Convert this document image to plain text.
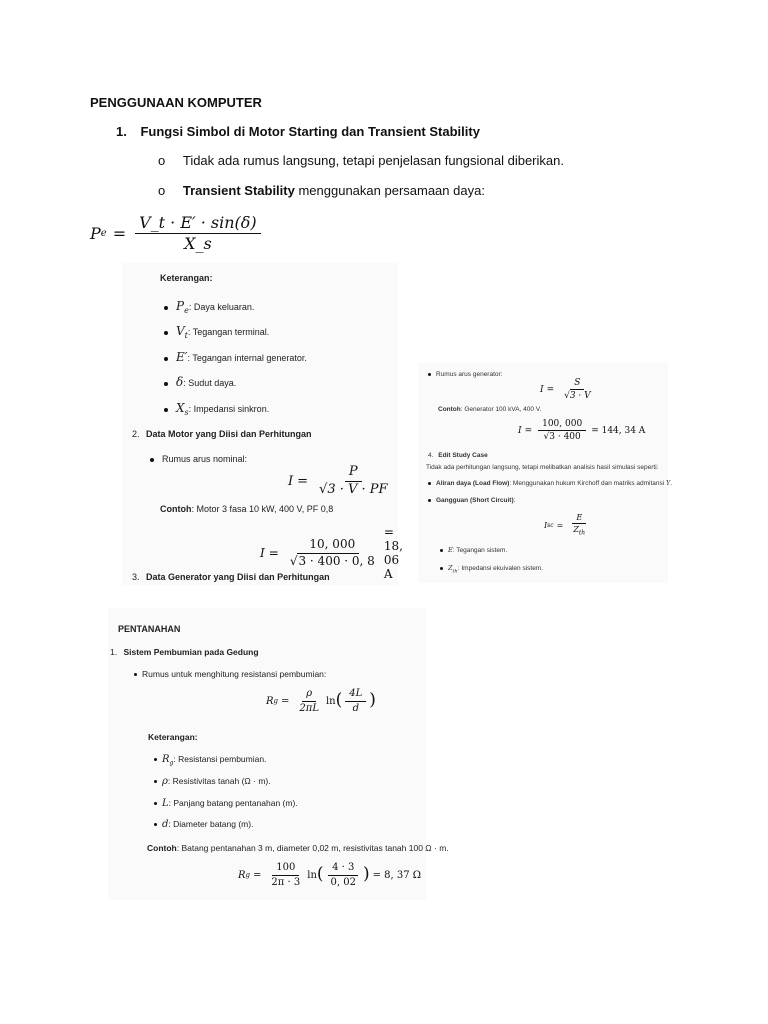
PENGGUNAAN KOMPUTER
1. Fungsi Simbol di Motor Starting dan Transient Stability
o Tidak ada rumus langsung, tetapi penjelasan fungsional diberikan.
o Transient Stability menggunakan persamaan daya:
P $e = \frac{V\_t \cdot E' \cdot \sin(\delta)}{X\_s}$
Keterangan:
$P_e$: Daya keluaran.
$V_t$: Tegangan terminal.
E′: Tegangan internal generator.
δ: Sudut daya.
$X_s$: Impedansi sinkron.
2. Data Motor yang Diisi dan Perhitungan
Rumus arus nominal:
$I = \frac{P}{√3 \cdot V \cdot PF}$
Contoh: Motor 3 fasa 10 kW, 400 V, PF 0,8
$I = \frac{10, 000}{√3 \cdot 400 \cdot 0, 8}$
= 18, 06 A
3. Data Generator yang Diisi dan Perhitungan
Rumus arus generator:
$I = \frac{S}{√3 \cdot V}$
Contoh: Generator 100 kVA, 400 V.
$I = \frac{100, 000}{√3 \cdot 400} = 144$, 34 A
4. Edit Study Case
Tidak ada perhitungan langsung, tetapi melibatkan analisis hasil simulasi seperti:
Aliran daya (Load Flow): Menggunakan hukum Kirchoff dan matriks admitansi Y.
Gangguan (Short Circuit):
I sc = $\frac{E}{Z_{th}}$
E: Tegangan sistem.
$Z_{th}$: Impedansi ekuivalen sistem.
PENTANAHAN
1. Sistem Pembumian pada Gedung
Rumus untuk menghitung resistansi pembumian:
R $g = \frac{\rho}{2\pi L}$ ln ( $\frac{4L}{d}$ )
Keterangan:
$R_g$: Resistansi pembumian.
ρ: Resistivitas tanah (Ω · m).
L: Panjang batang pentanahan (m).
d: Diameter batang (m).
Contoh: Batang pentanahan 3 m, diameter 0,02 m, resistivitas tanah 100 Ω · m.
R $g = \frac{100}{2\pi \cdot 3}$ ln ( $\frac{4 \cdot 3}{0, 02}$ ) = 8, 37 Ω
